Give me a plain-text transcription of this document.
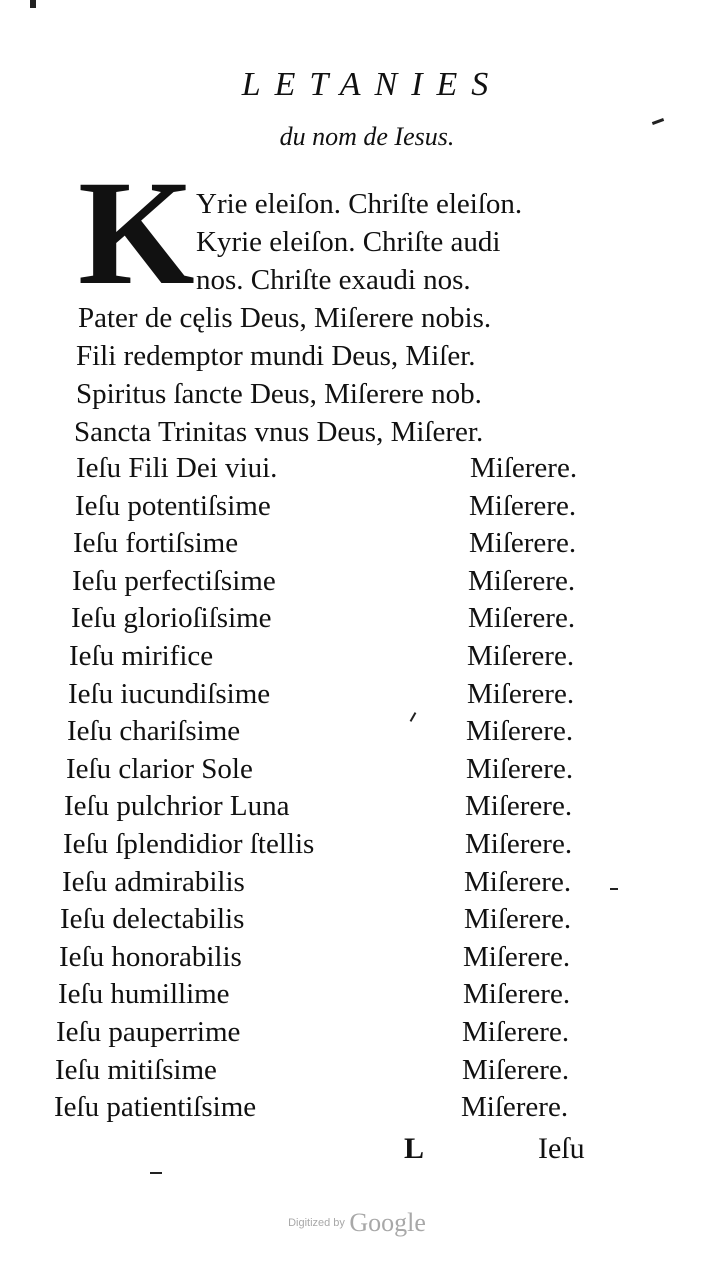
LETANIES
du nom de Iesus.
K Yrie eleiſon. Chriſte eleiſon.
Kyrie eleiſon. Chriſte audi
nos. Chriſte exaudi nos.
Pater de cęlis Deus, Miſerere nobis.
Fili redemptor mundi Deus, Miſer.
Spiritus ſancte Deus, Miſerere nob.
Sancta Trinitas vnus Deus, Miſerer.
Ieſu Fili Dei viui.	Miſerere.
Ieſu potentiſsime	Miſerere.
Ieſu fortiſsime	Miſerere.
Ieſu perfectiſsime	Miſerere.
Ieſu glorioſiſsime	Miſerere.
Ieſu mirifice	Miſerere.
Ieſu iucundiſsime	Miſerere.
Ieſu chariſsime	Miſerere.
Ieſu clarior Sole	Miſerere.
Ieſu pulchrior Luna	Miſerere.
Ieſu ſplendidior ſtellis	Miſerere.
Ieſu admirabilis	Miſerere.
Ieſu delectabilis	Miſerere.
Ieſu honorabilis	Miſerere.
Ieſu humillime	Miſerere.
Ieſu pauperrime	Miſerere.
Ieſu mitiſsime	Miſerere.
Ieſu patientiſsime	Miſerere.
L	Ieſu
Digitized by Google
